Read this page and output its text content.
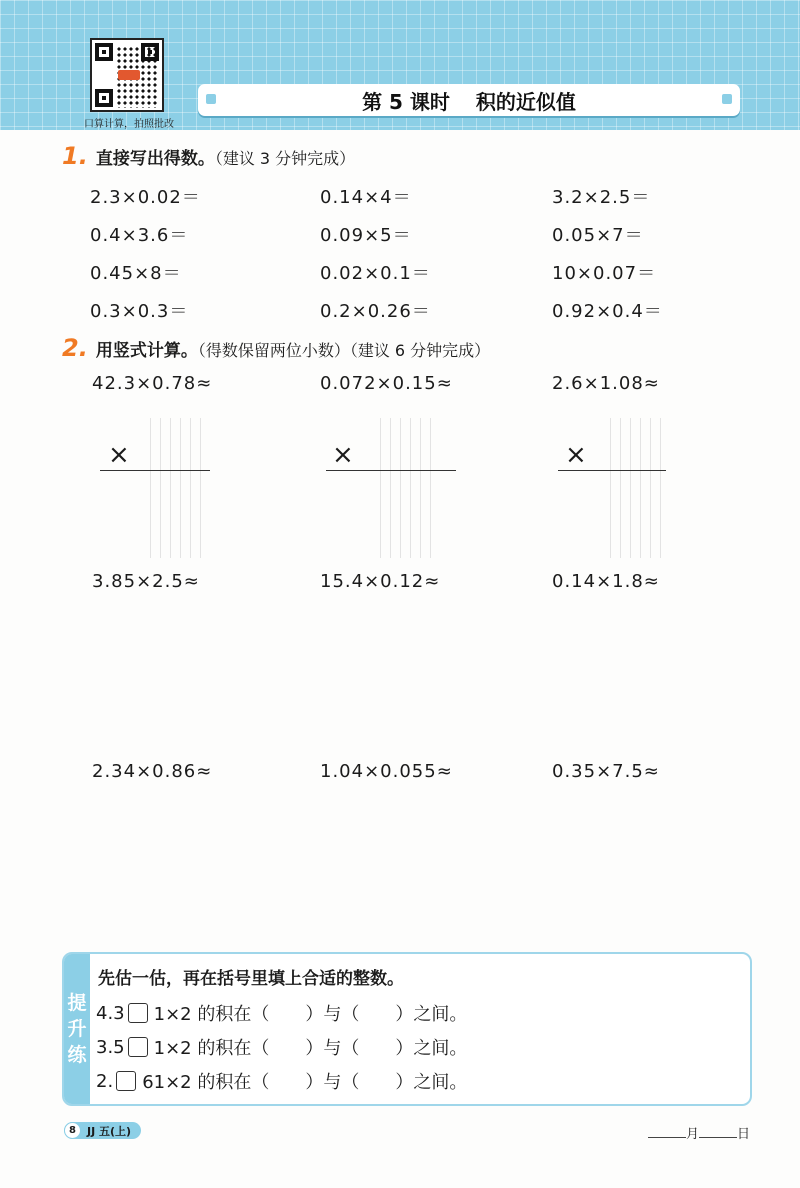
口算计算，拍照批改
第 5 课时 积的近似值
1. 直接写出得数。（建议 3 分钟完成）
2.3×0.02＝	0.14×4＝	3.2×2.5＝
0.4×3.6＝	0.09×5＝	0.05×7＝
0.45×8＝	0.02×0.1＝	10×0.07＝
0.3×0.3＝	0.2×0.26＝	0.92×0.4＝
2. 用竖式计算。（得数保留两位小数）（建议 6 分钟完成）
42.3×0.78≈	0.072×0.15≈	2.6×1.08≈
×	×	×
3.85×2.5≈	15.4×0.12≈	0.14×1.8≈
2.34×0.86≈	1.04×0.055≈	0.35×7.5≈
提
升
练
先估一估，再在括号里填上合适的整数。
4.3 1×2 的积在（　　）与（　　）之间。
3.5 1×2 的积在（　　）与（　　）之间。
2. 61×2 的积在（　　）与（　　）之间。
8	JJ 五(上)	月	日
